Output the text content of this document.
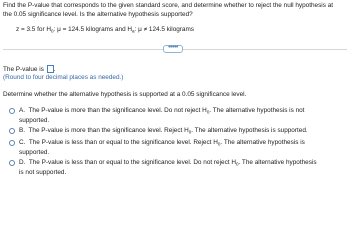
Find the P-value that corresponds to the given standard score, and determine whether to reject the null hypothesis at
the 0.05 significance level. Is the alternative hypothesis supported?
z = 3.5 for $H_0$: μ = 124.5 kilograms and $H_a$: μ ≠ 124.5 kilograms
•••••
The P-value is .
(Round to four decimal places as needed.)
Determine whether the alternative hypothesis is supported at a 0.05 significance level.
A. The P-value is more than the significance level. Do not reject $H_0$. The alternative hypothesis is not supported.
B. The P-value is more than the significance level. Reject $H_0$. The alternative hypothesis is supported.
C. The P-value is less than or equal to the significance level. Reject $H_0$. The alternative hypothesis is supported.
D. The P-value is less than or equal to the significance level. Do not reject $H_0$. The alternative hypothesis is not supported.
